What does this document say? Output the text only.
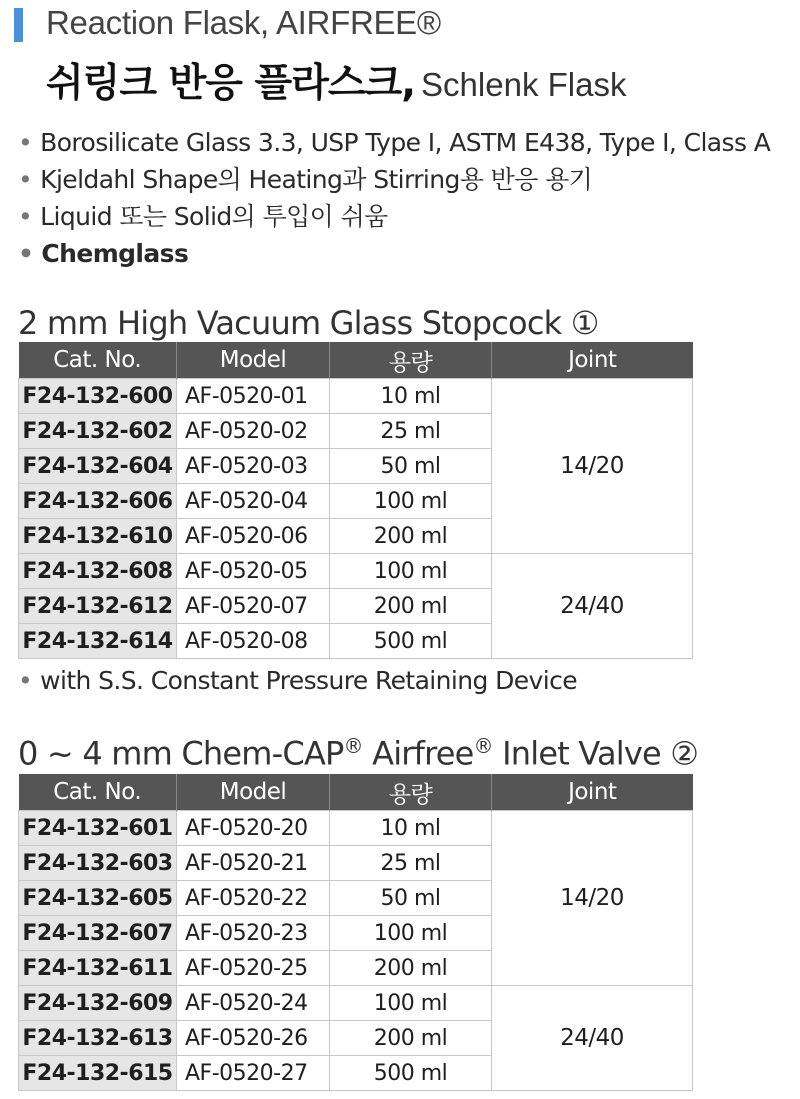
Reaction Flask, AIRFREE®
쉬링크 반응 플라스크, Schlenk Flask
• Borosilicate Glass 3.3, USP Type I, ASTM E438, Type I, Class A
• Kjeldahl Shape의 Heating과 Stirring용 반응 용기
• Liquid 또는 Solid의 투입이 쉬움
• Chemglass
2 mm High Vacuum Glass Stopcock ①
Cat. No.	Model	용량	Joint
F24-132-600	AF-0520-01	10 ml	14/20
F24-132-602	AF-0520-02	25 ml	
F24-132-604	AF-0520-03	50 ml	
F24-132-606	AF-0520-04	100 ml	
F24-132-610	AF-0520-06	200 ml	
F24-132-608	AF-0520-05	100 ml	24/40
F24-132-612	AF-0520-07	200 ml	
F24-132-614	AF-0520-08	500 ml	
• with S.S. Constant Pressure Retaining Device
0 ~ 4 mm Chem-CAP® Airfree® Inlet Valve ②
Cat. No.	Model	용량	Joint
F24-132-601	AF-0520-20	10 ml	14/20
F24-132-603	AF-0520-21	25 ml	
F24-132-605	AF-0520-22	50 ml	
F24-132-607	AF-0520-23	100 ml	
F24-132-611	AF-0520-25	200 ml	
F24-132-609	AF-0520-24	100 ml	24/40
F24-132-613	AF-0520-26	200 ml	
F24-132-615	AF-0520-27	500 ml	
